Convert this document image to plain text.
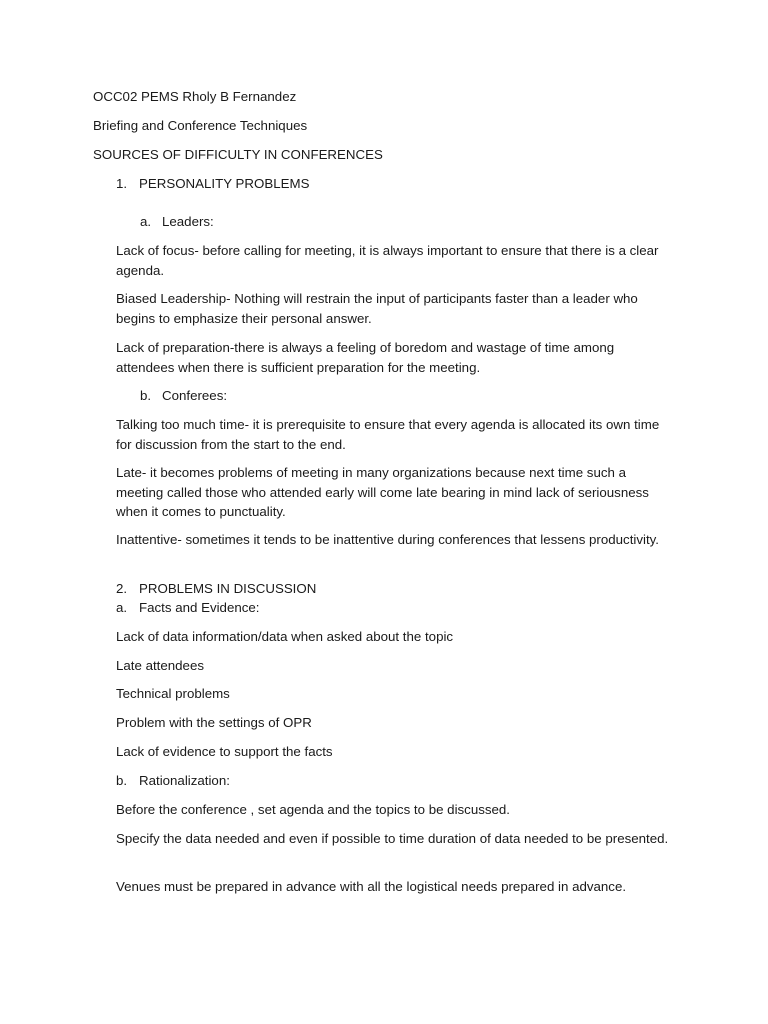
OCC02 PEMS Rholy B Fernandez

Briefing and Conference Techniques

SOURCES OF DIFFICULTY IN CONFERENCES

1. PERSONALITY PROBLEMS
a. Leaders:

Lack of focus- before calling for meeting, it is always important to ensure that there is a clear agenda.

Biased Leadership- Nothing will restrain the input of participants faster than a leader who begins to emphasize their personal answer.

Lack of preparation-there is always a feeling of boredom and wastage of time among attendees when there is sufficient preparation for the meeting.

b. Conferees:

Talking too much time- it is prerequisite to ensure that every agenda is allocated its own time for discussion from the start to the end.

Late- it becomes problems of meeting in many organizations because next time such a meeting called those who attended early will come late bearing in mind lack of seriousness when it comes to punctuality.

Inattentive- sometimes it tends to be inattentive during conferences that lessens productivity.

2. PROBLEMS IN DISCUSSION
a. Facts and Evidence:

Lack of data information/data when asked about the topic

Late attendees

Technical problems

Problem with the settings of OPR

Lack of evidence to support the facts

b. Rationalization:

Before the conference , set agenda and the topics to be discussed.

Specify the data needed and even if possible to time duration of data needed to be presented.

Venues must be prepared in advance with all the logistical needs prepared in advance.
